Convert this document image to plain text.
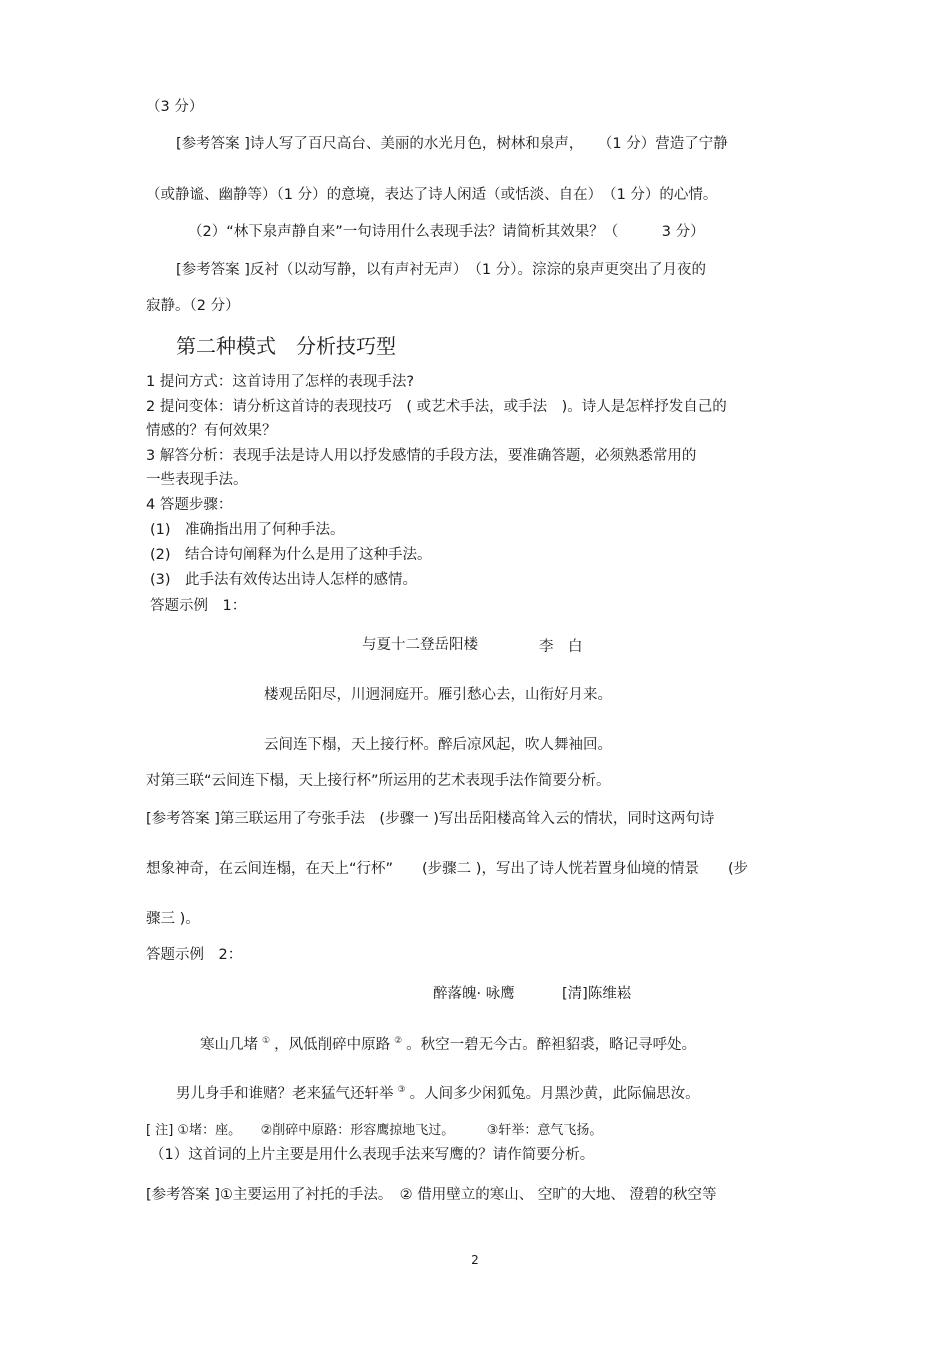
（3 分）
[参考答案 ]诗人写了百尺高台、美丽的水光月色，树林和泉声，　　（1 分）营造了宁静
（或静谧、幽静等）（1 分）的意境，表达了诗人闲适（或恬淡、自在）　（1 分）的心情。
（2）“林下泉声静自来”一句诗用什么表现手法？请简析其效果？（　　　3 分）
[参考答案 ]反衬（以动写静，以有声衬无声）　（1 分）。淙淙的泉声更突出了月夜的
寂静。（2 分）
第二种模式　分析技巧型
1 提问方式：这首诗用了怎样的表现手法?
2 提问变体：请分析这首诗的表现技巧　( 或艺术手法，或手法　)。诗人是怎样抒发自己的
情感的？有何效果？
3 解答分析：表现手法是诗人用以抒发感情的手段方法，要准确答题，必须熟悉常用的
一些表现手法。
4 答题步骤：
(1)　准确指出用了何种手法。
(2)　结合诗句阐释为什么是用了这种手法。
(3)　此手法有效传达出诗人怎样的感情。
答题示例　1：
与夏十二登岳阳楼	李　白
楼观岳阳尽，川迥洞庭开。雁引愁心去，山衔好月来。
云间连下榻，天上接行杯。醉后凉风起，吹人舞袖回。
对第三联“云间连下榻，天上接行杯”所运用的艺术表现手法作简要分析。
[参考答案 ]第三联运用了夸张手法　(步骤一 )写出岳阳楼高耸入云的情状，同时这两句诗
想象神奇，在云间连榻，在天上“行杯”　　(步骤二 )，写出了诗人恍若置身仙境的情景　　(步
骤三 )。
答题示例　2：
醉落魄· 咏鹰	[清]陈维崧
寒山几堵 ① ，风低削碎中原路 ② 。秋空一碧无今古。醉袒貂裘，略记寻呼处。
男儿身手和谁赌？老来猛气还轩举 ③ 。人间多少闲狐兔。月黑沙黄，此际偏思汝。
[ 注] ①堵：座。　　②削碎中原路：形容鹰掠地飞过。　　　③轩举：意气飞扬。
（1）这首词的上片主要是用什么表现手法来写鹰的？请作简要分析。
[参考答案 ]①主要运用了衬托的手法。　② 借用壁立的寒山、 空旷的大地、 澄碧的秋空等
2
